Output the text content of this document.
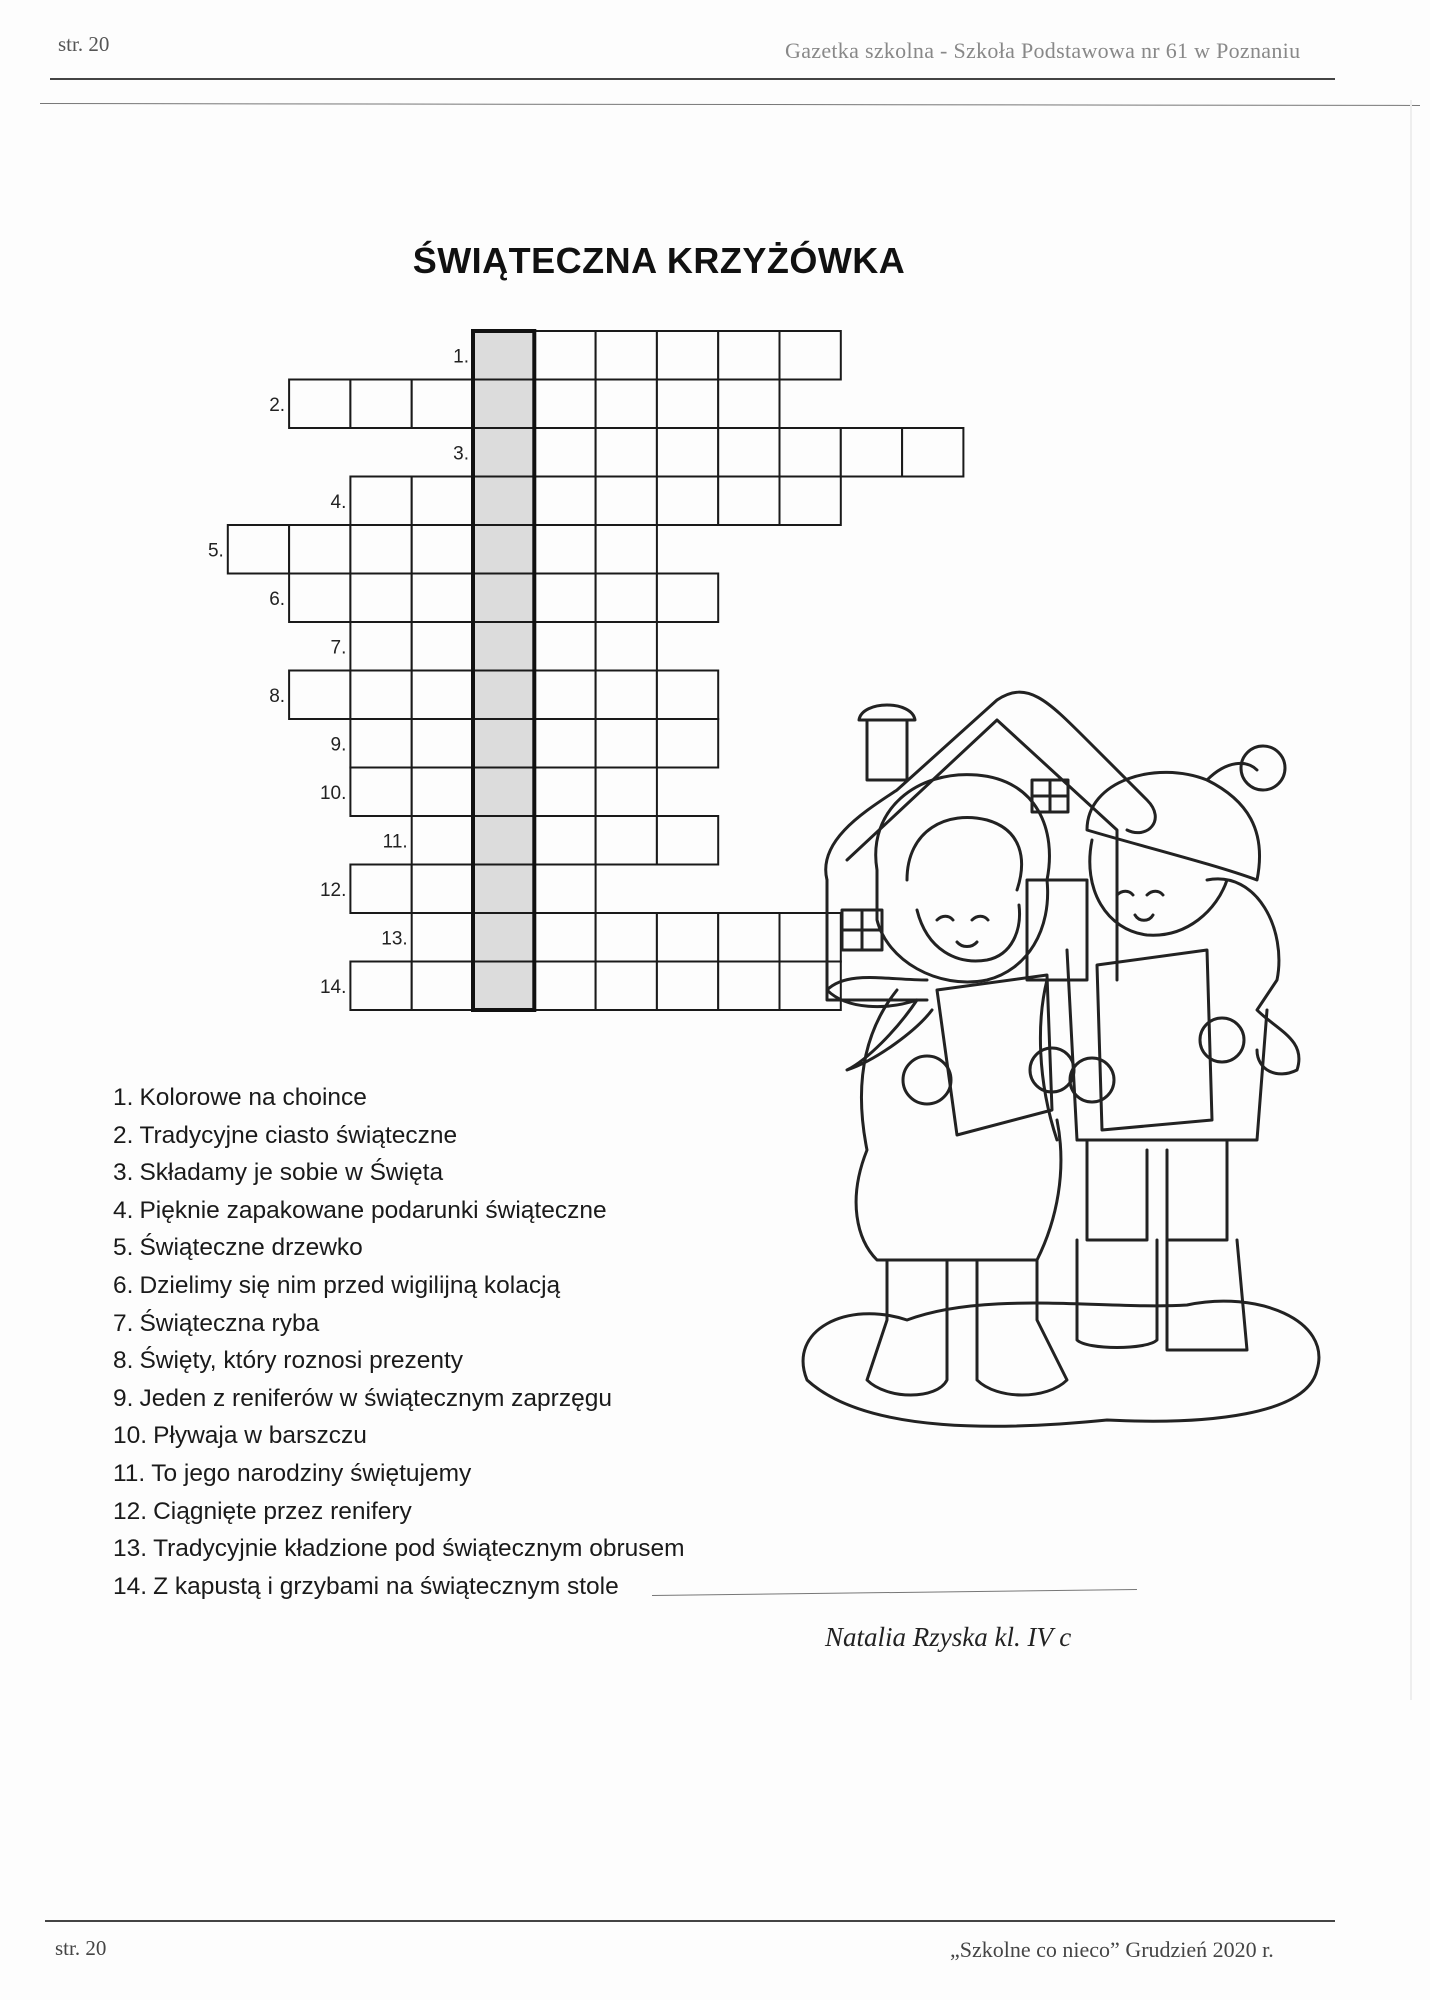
str. 20	Gazetka szkolna - Szkoła Podstawowa nr 61 w Poznaniu
ŚWIĄTECZNA KRZYŻÓWKA
1.
2.
3.
4.
5.
6.
7.
8.
9.
10.
11.
12.
13.
14.
1. Kolorowe na choince
2. Tradycyjne ciasto świąteczne
3. Składamy je sobie w Święta
4. Pięknie zapakowane podarunki świąteczne
5. Świąteczne drzewko
6. Dzielimy się nim przed wigilijną kolacją
7. Świąteczna ryba
8. Święty, który roznosi prezenty
9. Jeden z reniferów w świątecznym zaprzęgu
10. Pływaja w barszczu
11. To jego narodziny świętujemy
12. Ciągnięte przez renifery
13. Tradycyjnie kładzione pod świątecznym obrusem
14. Z kapustą i grzybami na świątecznym stole
Natalia Rzyska kl. IV c
str. 20	„Szkolne co nieco” Grudzień 2020 r.
